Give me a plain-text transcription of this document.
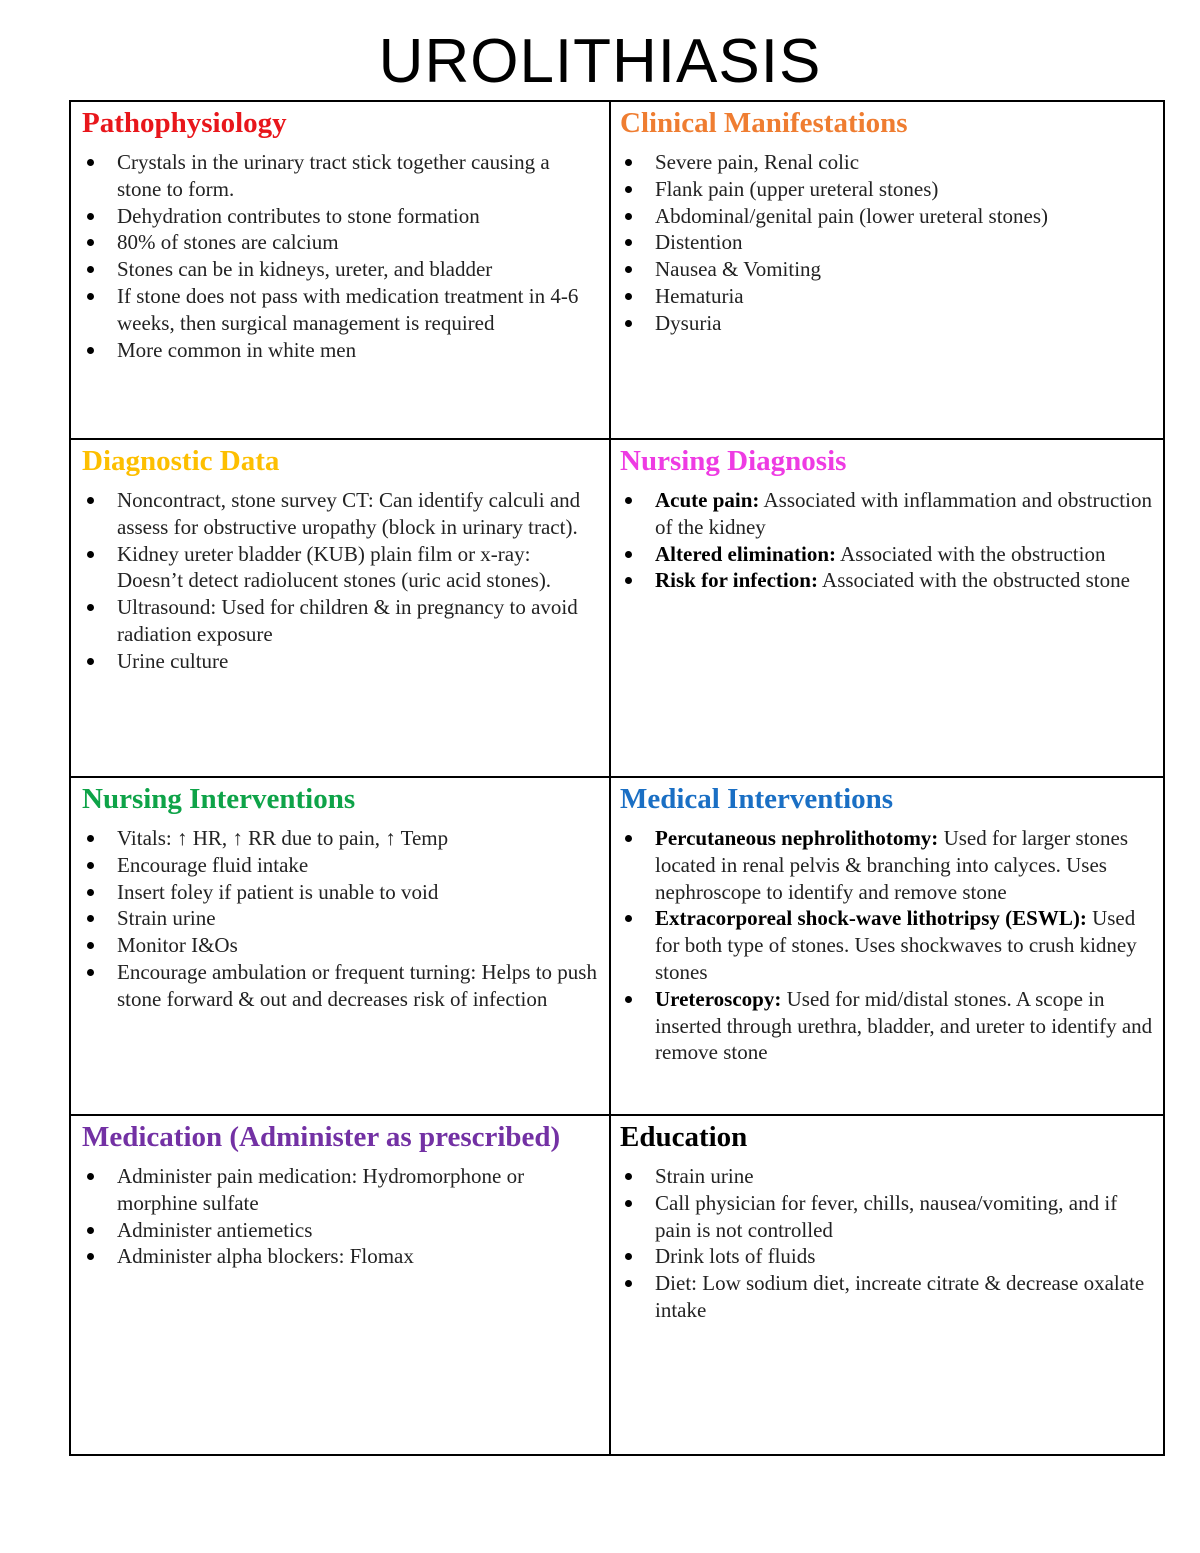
UROLITHIASIS
Pathophysiology
Crystals in the urinary tract stick together causing a stone to form.
Dehydration contributes to stone formation
80% of stones are calcium
Stones can be in kidneys, ureter, and bladder
If stone does not pass with medication treatment in 4-6 weeks, then surgical management is required
More common in white men
Clinical Manifestations
Severe pain, Renal colic
Flank pain (upper ureteral stones)
Abdominal/genital pain (lower ureteral stones)
Distention
Nausea & Vomiting
Hematuria
Dysuria
Diagnostic Data
Noncontract, stone survey CT: Can identify calculi and assess for obstructive uropathy (block in urinary tract).
Kidney ureter bladder (KUB) plain film or x-ray: Doesn’t detect radiolucent stones (uric acid stones).
Ultrasound: Used for children & in pregnancy to avoid radiation exposure
Urine culture
Nursing Diagnosis
Acute pain: Associated with inflammation and obstruction of the kidney
Altered elimination: Associated with the obstruction
Risk for infection: Associated with the obstructed stone
Nursing Interventions
Vitals: ↑ HR, ↑ RR due to pain, ↑ Temp
Encourage fluid intake
Insert foley if patient is unable to void
Strain urine
Monitor I&Os
Encourage ambulation or frequent turning: Helps to push stone forward & out and decreases risk of infection
Medical Interventions
Percutaneous nephrolithotomy: Used for larger stones located in renal pelvis & branching into calyces. Uses nephroscope to identify and remove stone
Extracorporeal shock-wave lithotripsy (ESWL): Used for both type of stones. Uses shockwaves to crush kidney stones
Ureteroscopy: Used for mid/distal stones. A scope in inserted through urethra, bladder, and ureter to identify and remove stone
Medication (Administer as prescribed)
Administer pain medication: Hydromorphone or morphine sulfate
Administer antiemetics
Administer alpha blockers: Flomax
Education
Strain urine
Call physician for fever, chills, nausea/vomiting, and if pain is not controlled
Drink lots of fluids
Diet: Low sodium diet, increate citrate & decrease oxalate intake
